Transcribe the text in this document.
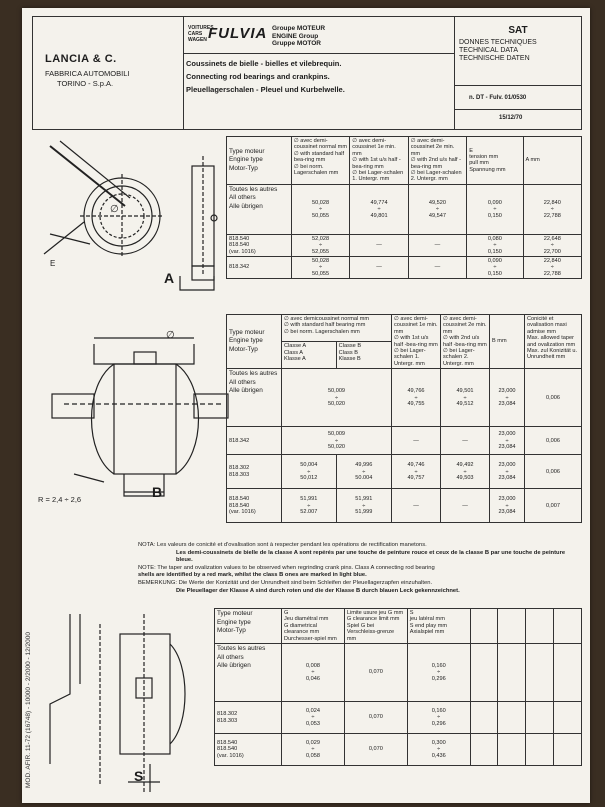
MOD. AFIR. 11-72 (16748) - 10000 - 2/2000 - 12/2000
LANCIA & C.
FABBRICA AUTOMOBILI
TORINO - S.p.A.
VOITURES
CARS
WAGEN FULVIA Groupe MOTEUR
ENGINE Group
Gruppe MOTOR
Coussinets de bielle - bielles et vilebrequin.
Connecting rod bearings and crankpins.
Pleuellagerschalen - Pleuel und Kurbelwelle.
SAT
DONNES TECHNIQUES
TECHNICAL DATA
TECHNISCHE DATEN
n. DT - Fulv. 01/0530
15/12/70
∅
E
A
Type moteur
Engine type
Motor-Typ	∅ avec demi-coussinet normal mm
∅ with standard half bea-ring mm
∅ bei norm. Lagerschalen mm	∅ avec demi-coussinet 1e min. mm
∅ with 1st u/s half -bea-ring mm
∅ bei Lager-schalen 1. Untergr. mm	∅ avec demi-coussinet 2e min. mm
∅ with 2nd u/s half -bea-ring mm
∅ bei Lager-schalen 2. Untergr. mm	E
tension mm
pull mm
Spannung mm	A mm
Toutes les autres
All others
Alle übrigen	50,028
÷
50,055	49,774
÷
49,801	49,520
÷
49,547	0,090
÷
0,150	22,840
÷
22,788
818.540
818.540
(var. 1016)	52,028
÷
52,055	—	—	0,080
÷
0,150	22,648
÷
22,700
818.342	50,028
÷
50,055	—	—	0,090
÷
0,150	22,840
÷
22,788
∅
R = 2,4 ÷ 2,6	B
Type moteur
Engine type
Motor-Typ	∅ avec demicoussinet normal mm
∅ with standard half bearing mm
∅ bei norm. Lagerschalen mm		∅ avec demi-coussinet 1e min. mm
∅ with 1st u/s half -bea-ring mm
∅ bei Lager-schalen 1. Untergr. mm	∅ avec demi-coussinet 2e min. mm
∅ with 2nd u/s half -bea-ring mm
∅ bei Lager-schalen 2. Untergr. mm	B mm	Conicité et ovalisation maxi admise mm
Max. allowed taper and ovalization mm
Max. zul Konizität u. Unrundheit mm
	Classe A
Class A
Klasse A	Classe B
Class B
Klasse B				
Toutes les autres
All others
Alle übrigen	50,009
÷
50,020		49,766
÷
49,755	49,501
÷
49,512	23,000
÷
23,084	0,006
818.342	50,009
÷
50,020		—	—	23,000
÷
23,084	0,006
818.302
818.303	50,004
÷
50,012	49,996
÷
50.004	49,746
÷
49,757	49,492
÷
49,503	23,000
÷
23,084	0,006
818.540
818.540
(var. 1016)	51,991
÷
52.007	51,991
÷
51,999	—	—	23,000
÷
23,084	0,007
NOTA: Les valeurs de conicité et d'ovalisation sont à respecter pendant les opérations de rectification manetons.
Les demi-coussinets de bielle de la classe A sont repérés par une touche de peinture rouce et ceux de la classe B par une touche de peinture bleue.
NOTE: The taper and ovalization values to be observed when regrinding crank pins. Class A connecting rod bearing
shells are identified by a red mark, whilst the class B ones are marked in light blue.
BEMERKUNG: Die Werte der Konizität und der Unrundheit sind beim Schleifen der Pleuellagerzapfen einzuhalten.
Die Pleuellager der Klasse A sind durch roten und die der Klasse B durch blauen Leck gekennzeichnet.
S
Type moteur
Engine type
Motor-Typ	G
Jeu diamétral mm
G diametrical clearance mm
Durchesser-spiel mm	Limite usure jeu G mm
G clearance limit mm
Spiel G bei Verschleiss-grenze mm	S
jeu latéral mm
S end play mm
Axialspiel mm				
Toutes les autres
All others
Alle übrigen	0,008
÷
0,046	0,070	0,160
÷
0,296				
818.302
818.303	0,024
÷
0,053	0,070	0,160
÷
0,296				
818.540
818.540
(var. 1016)	0,029
÷
0,058	0,070	0,300
÷
0,436				
